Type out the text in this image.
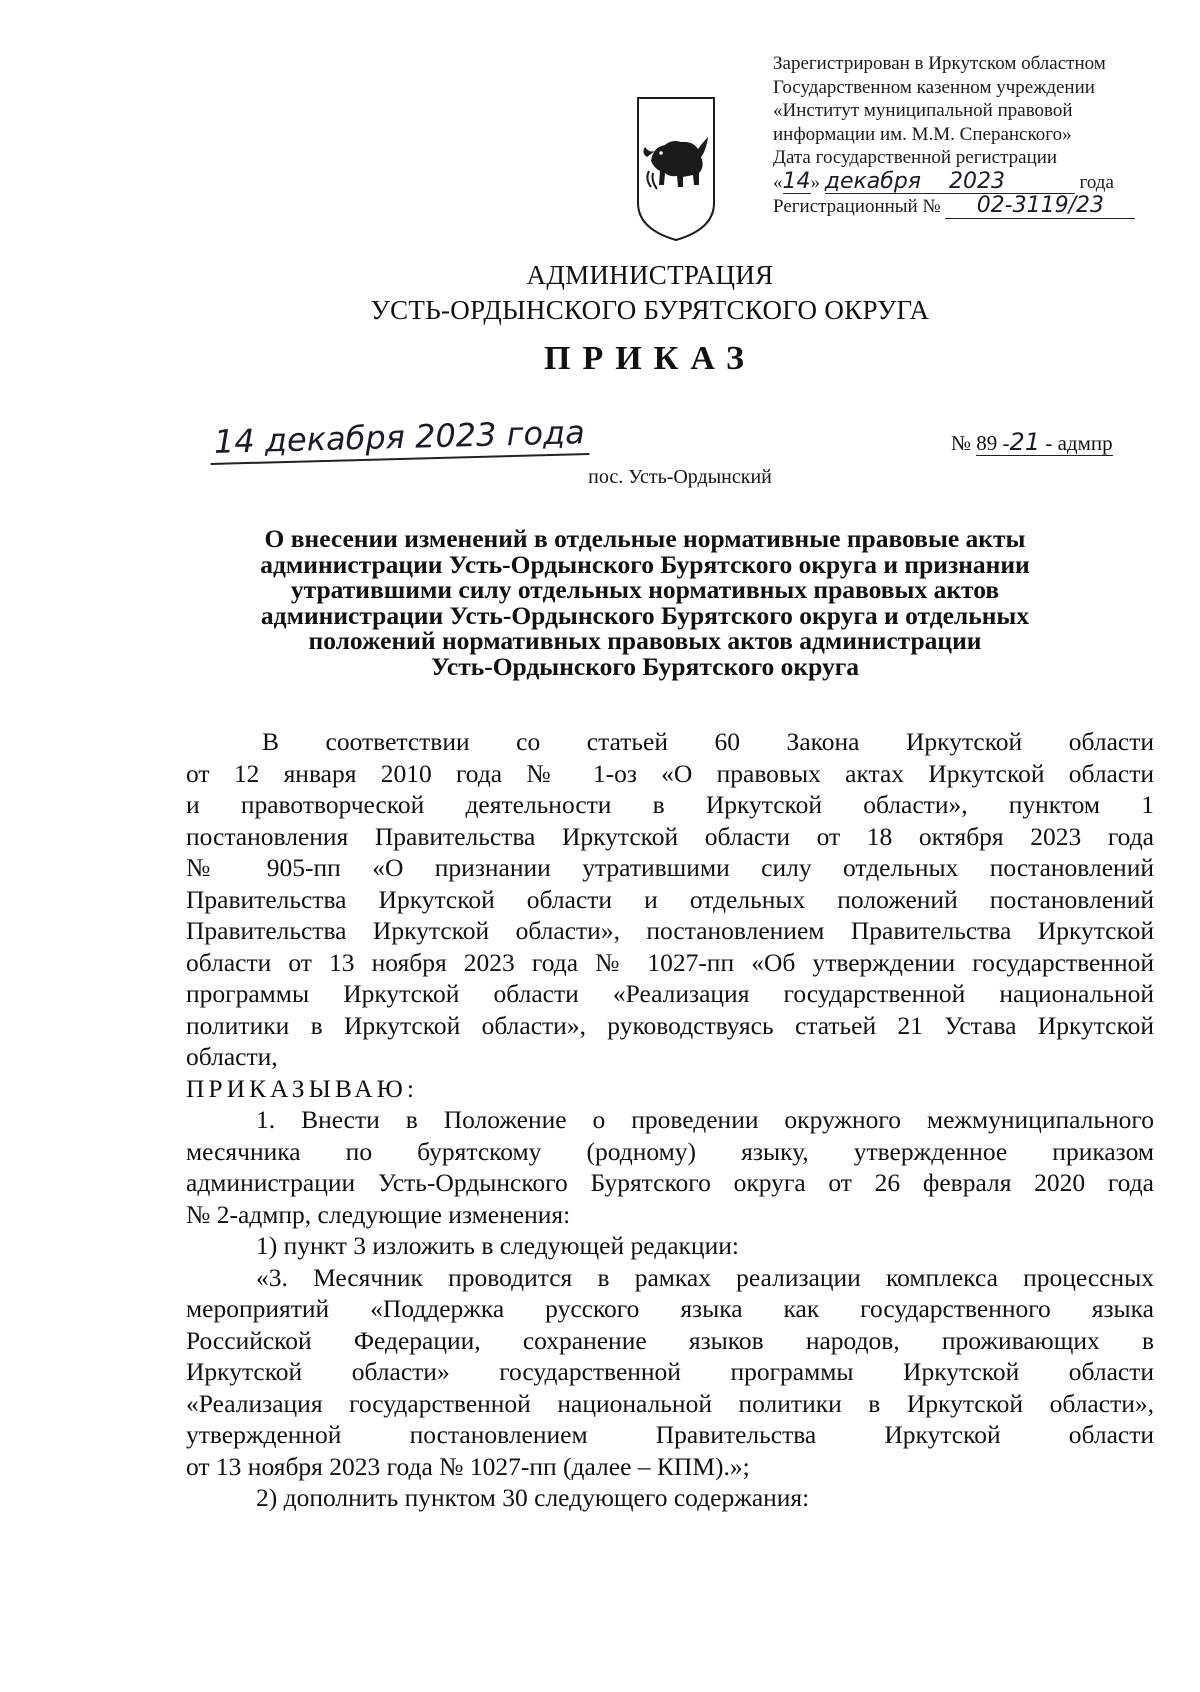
Зарегистрирован в Иркутском областном
Государственном казенном учреждении
«Институт муниципальной правовой
информации им. М.М. Сперанского»
Дата государственной регистрации
«14» декабря 2023	года
Регистрационный № 02-3119/23
АДМИНИСТРАЦИЯ
УСТЬ-ОРДЫНСКОГО БУРЯТСКОГО ОКРУГА
ПРИКАЗ
14 декабря 2023 года	№ 89 -21 - адмпр
пос. Усть-Ордынский
О внесении изменений в отдельные нормативные правовые акты
администрации Усть-Ордынского Бурятского округа и признании
утратившими силу отдельных нормативных правовых актов
администрации Усть-Ордынского Бурятского округа и отдельных
положений нормативных правовых актов администрации
Усть-Ордынского Бурятского округа
В соответствии со статьей 60 Закона Иркутской области
от 12 января 2010 года № 1-оз «О правовых актах Иркутской области
и правотворческой деятельности в Иркутской области», пунктом 1
постановления Правительства Иркутской области от 18 октября 2023 года
№ 905-пп «О признании утратившими силу отдельных постановлений
Правительства Иркутской области и отдельных положений постановлений
Правительства Иркутской области», постановлением Правительства Иркутской
области от 13 ноября 2023 года № 1027-пп «Об утверждении государственной
программы Иркутской области «Реализация государственной национальной
политики в Иркутской области», руководствуясь статьей 21 Устава Иркутской
области,
ПРИКАЗЫВАЮ:
1. Внести в Положение о проведении окружного межмуниципального
месячника по бурятскому (родному) языку, утвержденное приказом
администрации Усть-Ордынского Бурятского округа от 26 февраля 2020 года
№ 2-адмпр, следующие изменения:
1) пункт 3 изложить в следующей редакции:
«3. Месячник проводится в рамках реализации комплекса процессных
мероприятий «Поддержка русского языка как государственного языка
Российской Федерации, сохранение языков народов, проживающих в
Иркутской области» государственной программы Иркутской области
«Реализация государственной национальной политики в Иркутской области»,
утвержденной постановлением Правительства Иркутской области
от 13 ноября 2023 года № 1027-пп (далее – КПМ).»;
2) дополнить пунктом 30 следующего содержания:
